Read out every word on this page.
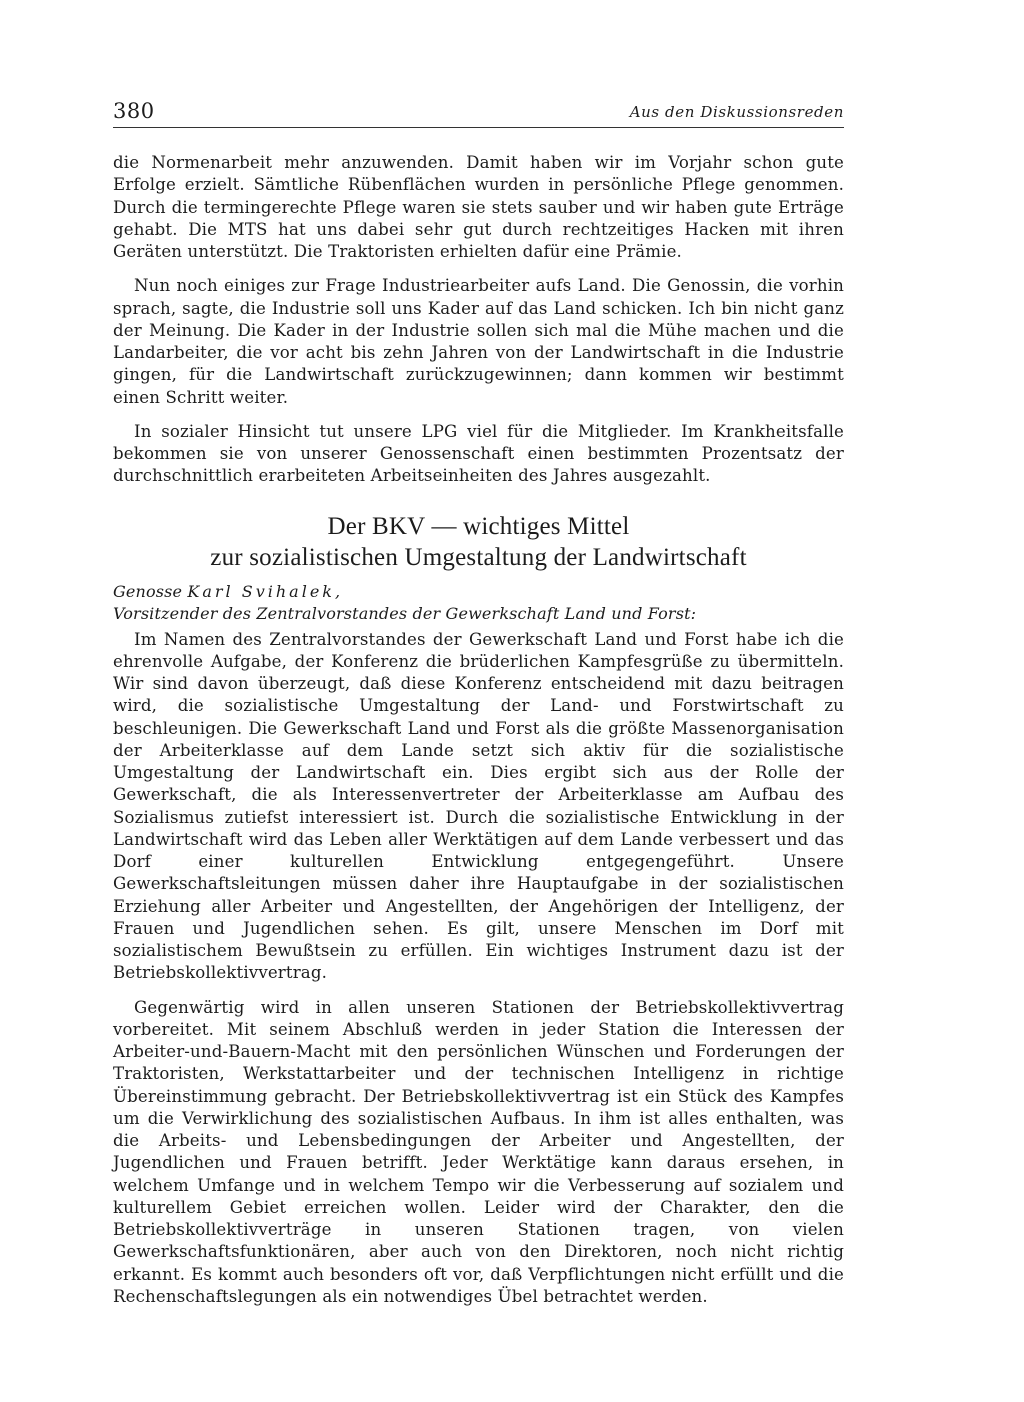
380	Aus den Diskussionsreden

die Normenarbeit mehr anzuwenden. Damit haben wir im Vorjahr schon gute Erfolge erzielt. Sämtliche Rübenflächen wurden in persönliche Pflege genommen. Durch die termingerechte Pflege waren sie stets sauber und wir haben gute Erträge gehabt. Die MTS hat uns dabei sehr gut durch rechtzeitiges Hacken mit ihren Geräten unterstützt. Die Traktoristen erhielten dafür eine Prämie.

Nun noch einiges zur Frage Industriearbeiter aufs Land. Die Genossin, die vorhin sprach, sagte, die Industrie soll uns Kader auf das Land schicken. Ich bin nicht ganz der Meinung. Die Kader in der Industrie sollen sich mal die Mühe machen und die Landarbeiter, die vor acht bis zehn Jahren von der Landwirtschaft in die Industrie gingen, für die Landwirtschaft zurückzugewinnen; dann kommen wir bestimmt einen Schritt weiter.

In sozialer Hinsicht tut unsere LPG viel für die Mitglieder. Im Krankheitsfalle bekommen sie von unserer Genossenschaft einen bestimmten Prozentsatz der durchschnittlich erarbeiteten Arbeitseinheiten des Jahres ausgezahlt.

Der BKV — wichtiges Mittel
zur sozialistischen Umgestaltung der Landwirtschaft
Genosse Karl Svihalek,
Vorsitzender des Zentralvorstandes der Gewerkschaft Land und Forst:

Im Namen des Zentralvorstandes der Gewerkschaft Land und Forst habe ich die ehrenvolle Aufgabe, der Konferenz die brüderlichen Kampfesgrüße zu übermitteln. Wir sind davon überzeugt, daß diese Konferenz entscheidend mit dazu beitragen wird, die sozialistische Umgestaltung der Land- und Forstwirtschaft zu beschleunigen. Die Gewerkschaft Land und Forst als die größte Massenorganisation der Arbeiterklasse auf dem Lande setzt sich aktiv für die sozialistische Umgestaltung der Landwirtschaft ein. Dies ergibt sich aus der Rolle der Gewerkschaft, die als Interessenvertreter der Arbeiterklasse am Aufbau des Sozialismus zutiefst interessiert ist. Durch die sozialistische Entwicklung in der Landwirtschaft wird das Leben aller Werktätigen auf dem Lande verbessert und das Dorf einer kulturellen Entwicklung entgegengeführt. Unsere Gewerkschaftsleitungen müssen daher ihre Hauptaufgabe in der sozialistischen Erziehung aller Arbeiter und Angestellten, der Angehörigen der Intelligenz, der Frauen und Jugendlichen sehen. Es gilt, unsere Menschen im Dorf mit sozialistischem Bewußtsein zu erfüllen. Ein wichtiges Instrument dazu ist der Betriebskollektivvertrag.

Gegenwärtig wird in allen unseren Stationen der Betriebskollektivvertrag vorbereitet. Mit seinem Abschluß werden in jeder Station die Interessen der Arbeiter-und-Bauern-Macht mit den persönlichen Wünschen und Forderungen der Traktoristen, Werkstattarbeiter und der technischen Intelligenz in richtige Übereinstimmung gebracht. Der Betriebskollektivvertrag ist ein Stück des Kampfes um die Verwirklichung des sozialistischen Aufbaus. In ihm ist alles enthalten, was die Arbeits- und Lebensbedingungen der Arbeiter und Angestellten, der Jugendlichen und Frauen betrifft. Jeder Werktätige kann daraus ersehen, in welchem Umfange und in welchem Tempo wir die Verbesserung auf sozialem und kulturellem Gebiet erreichen wollen. Leider wird der Charakter, den die Betriebskollektivverträge in unseren Stationen tragen, von vielen Gewerkschaftsfunktionären, aber auch von den Direktoren, noch nicht richtig erkannt. Es kommt auch besonders oft vor, daß Verpflichtungen nicht erfüllt und die Rechenschaftslegungen als ein notwendiges Übel betrachtet werden.
